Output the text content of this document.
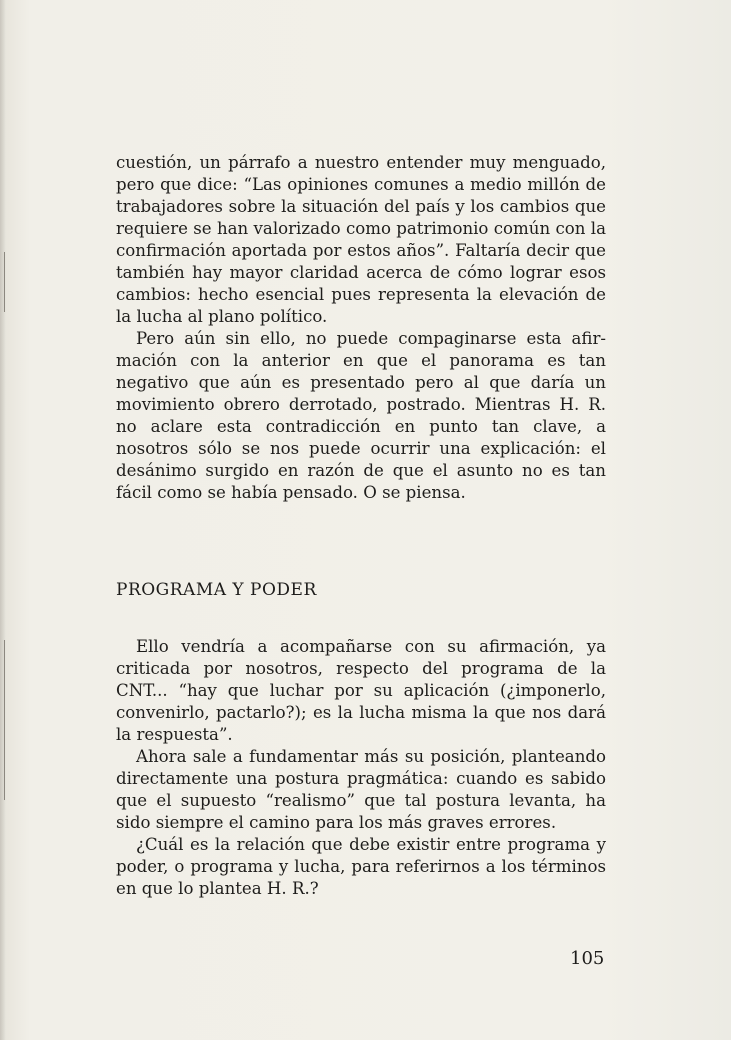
cuestión, un párrafo a nuestro entender muy menguado, pero que dice: “Las opiniones comunes a medio millón de trabajadores sobre la situación del país y los cambios que requiere se han valorizado como patrimonio común con la confirmación aportada por estos años”. Faltaría decir que también hay mayor claridad acerca de cómo lograr esos cambios: hecho esencial pues representa la elevación de la lucha al plano político.

Pero aún sin ello, no puede compaginarse esta afirmación con la anterior en que el panorama es tan negativo que aún es presentado pero al que daría un movimiento obrero derrotado, postrado. Mientras H. R. no aclare esta contradicción en punto tan clave, a nosotros sólo se nos puede ocurrir una explicación: el desánimo surgido en razón de que el asunto no es tan fácil como se había pensado. O se piensa.

PROGRAMA Y PODER

Ello vendría a acompañarse con su afirmación, ya criticada por nosotros, respecto del programa de la CNT... “hay que luchar por su aplicación (¿imponerlo, convenirlo, pactarlo?); es la lucha misma la que nos dará la respuesta”.

Ahora sale a fundamentar más su posición, planteando directamente una postura pragmática: cuando es sabido que el supuesto “realismo” que tal postura levanta, ha sido siempre el camino para los más graves errores.

¿Cuál es la relación que debe existir entre programa y poder, o programa y lucha, para referirnos a los términos en que lo plantea H. R.?

105
